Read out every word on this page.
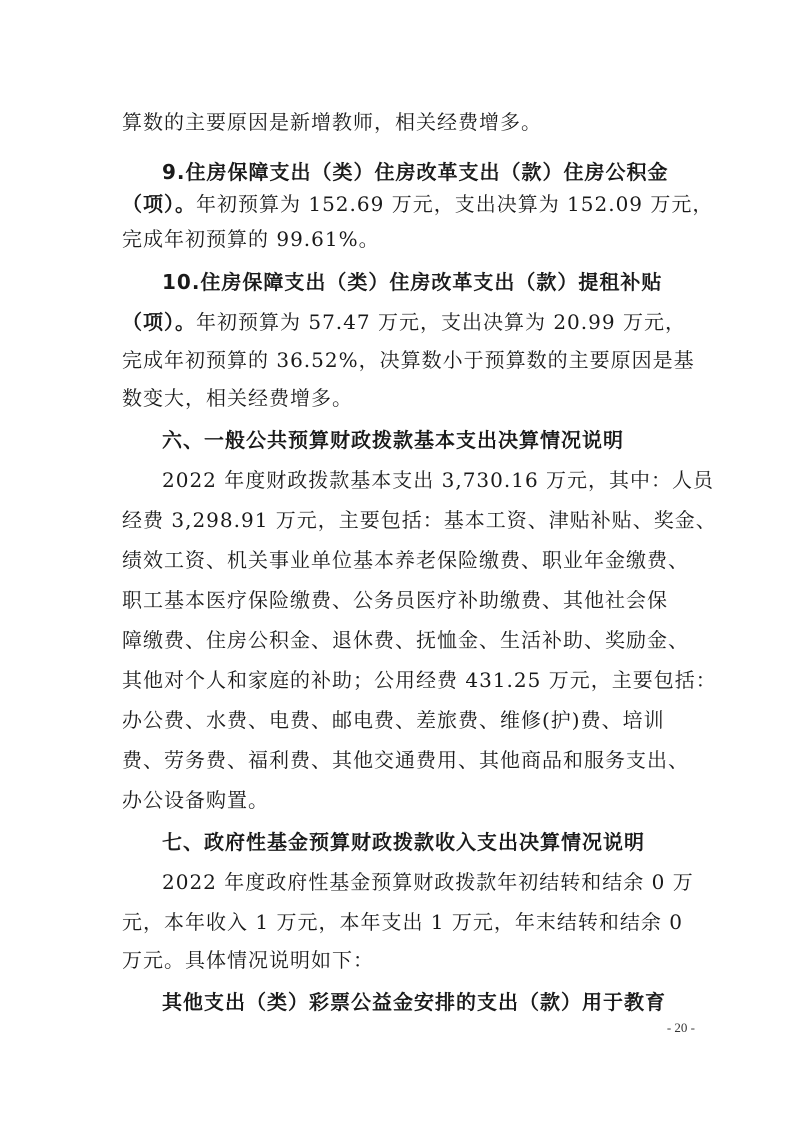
算数的主要原因是新增教师，相关经费增多。
9.住房保障支出（类）住房改革支出（款）住房公积金
（项）。年初预算为 152.69 万元，支出决算为 152.09 万元，
完成年初预算的 99.61%。
10.住房保障支出（类）住房改革支出（款）提租补贴
（项）。年初预算为 57.47 万元，支出决算为 20.99 万元，
完成年初预算的 36.52%，决算数小于预算数的主要原因是基
数变大，相关经费增多。
六、一般公共预算财政拨款基本支出决算情况说明
2022 年度财政拨款基本支出 3,730.16 万元，其中：人员
经费 3,298.91 万元，主要包括：基本工资、津贴补贴、奖金、
绩效工资、机关事业单位基本养老保险缴费、职业年金缴费、
职工基本医疗保险缴费、公务员医疗补助缴费、其他社会保
障缴费、住房公积金、退休费、抚恤金、生活补助、奖励金、
其他对个人和家庭的补助；公用经费 431.25 万元，主要包括：
办公费、水费、电费、邮电费、差旅费、维修(护)费、培训
费、劳务费、福利费、其他交通费用、其他商品和服务支出、
办公设备购置。
七、政府性基金预算财政拨款收入支出决算情况说明
2022 年度政府性基金预算财政拨款年初结转和结余 0 万
元，本年收入 1 万元，本年支出 1 万元，年末结转和结余 0
万元。具体情况说明如下：
其他支出（类）彩票公益金安排的支出（款）用于教育
- 20 -
